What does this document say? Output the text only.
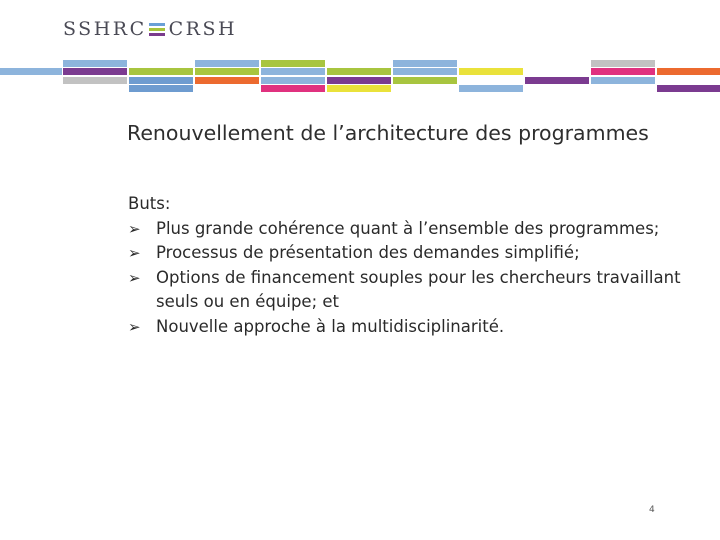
SSHRC CRSH
Renouvellement de l’architecture des programmes
Buts:
➢ Plus grande cohérence quant à l’ensemble des programmes;
➢ Processus de présentation des demandes simplifié;
➢ Options de financement souples pour les chercheurs travaillant seuls ou en équipe; et
➢ Nouvelle approche à la multidisciplinarité.
4
